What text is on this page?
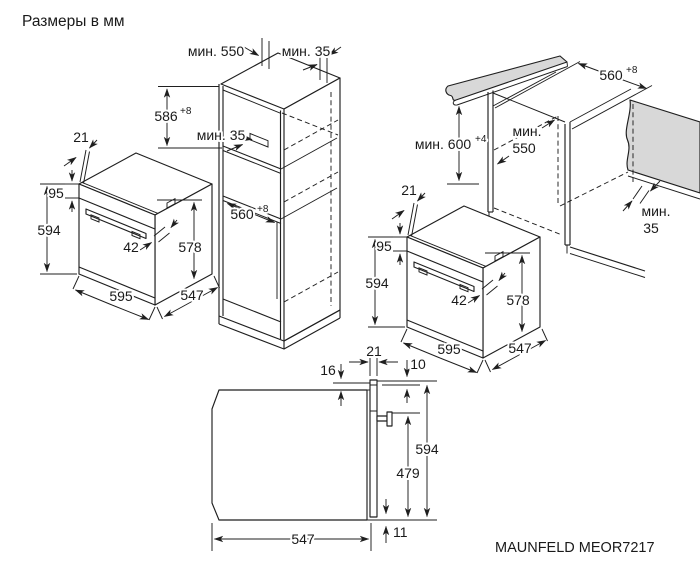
Размеры в мм
21
95
594
42	578
595	547
21
95
594
42	578
595	547
мин. 550	мин. 35
586 +8
мин. 35
560 +8
560 +8
мин. 600 +4
мин.
550
мин.
35
21
16	10
594
479
547	11
MAUNFELD MEOR7217
